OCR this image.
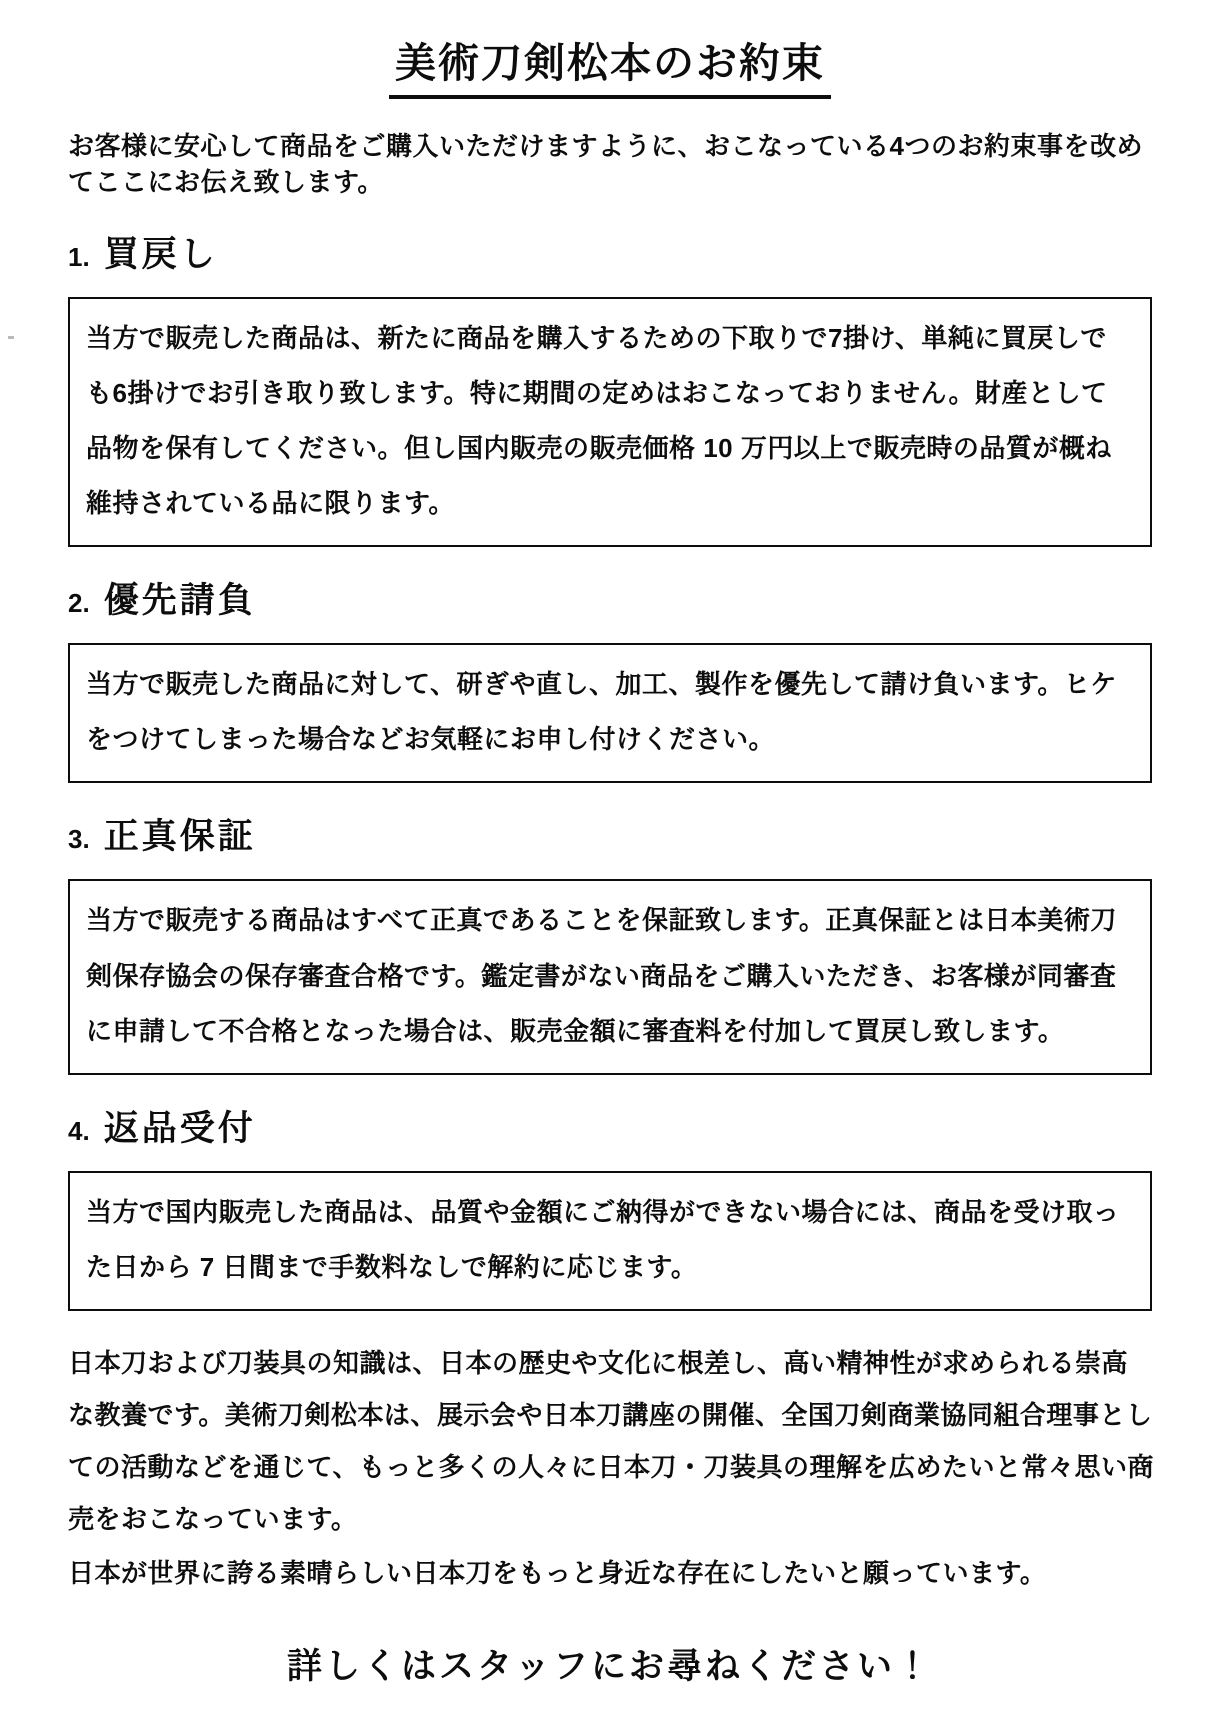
美術刀剣松本のお約束

お客様に安心して商品をご購入いただけますように、おこなっている4つのお約束事を改めてここにお伝え致します。

1. 買戻し

当方で販売した商品は、新たに商品を購入するための下取りで7掛け、単純に買戻しでも6掛けでお引き取り致します。特に期間の定めはおこなっておりません。財産として品物を保有してください。但し国内販売の販売価格 10 万円以上で販売時の品質が概ね維持されている品に限ります。

2. 優先請負

当方で販売した商品に対して、研ぎや直し、加工、製作を優先して請け負います。ヒケをつけてしまった場合などお気軽にお申し付けください。

3. 正真保証

当方で販売する商品はすべて正真であることを保証致します。正真保証とは日本美術刀剣保存協会の保存審査合格です。鑑定書がない商品をご購入いただき、お客様が同審査に申請して不合格となった場合は、販売金額に審査料を付加して買戻し致します。

4. 返品受付

当方で国内販売した商品は、品質や金額にご納得ができない場合には、商品を受け取った日から 7 日間まで手数料なしで解約に応じます。

日本刀および刀装具の知識は、日本の歴史や文化に根差し、高い精神性が求められる崇高な教養です。美術刀剣松本は、展示会や日本刀講座の開催、全国刀剣商業協同組合理事としての活動などを通じて、もっと多くの人々に日本刀・刀装具の理解を広めたいと常々思い商売をおこなっています。

日本が世界に誇る素晴らしい日本刀をもっと身近な存在にしたいと願っています。

詳しくはスタッフにお尋ねください！
